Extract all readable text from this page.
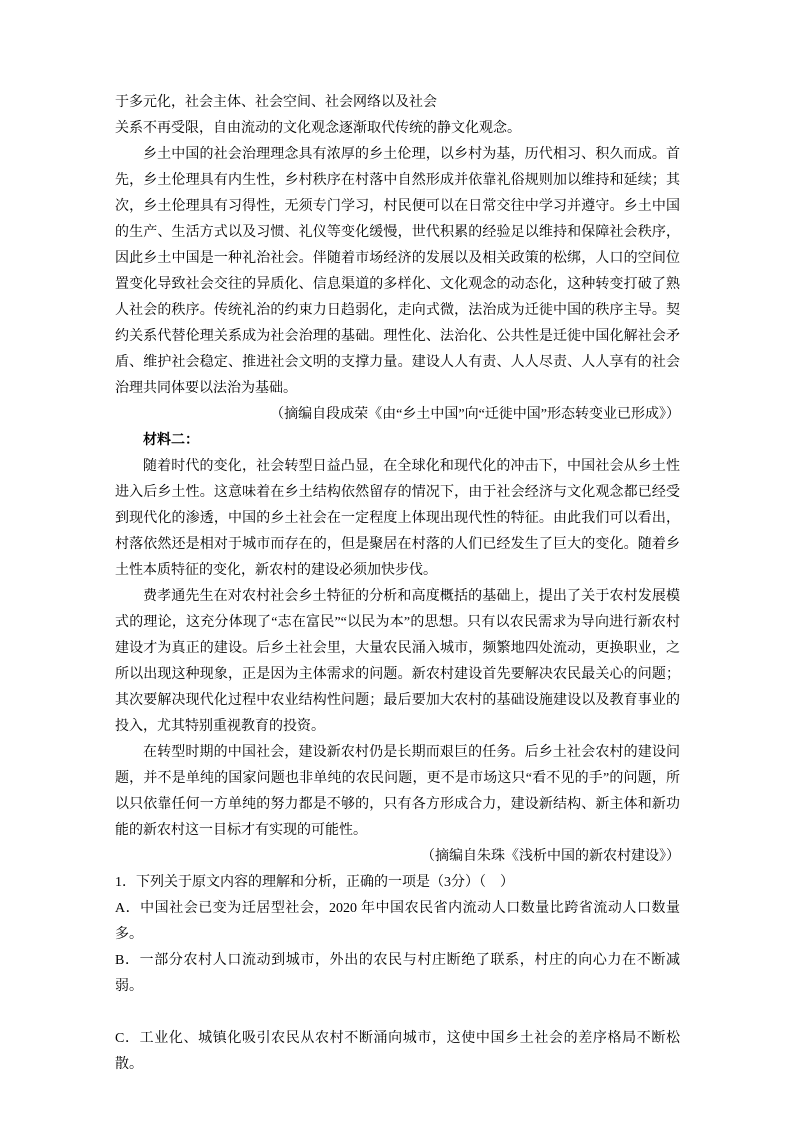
于多元化，社会主体、社会空间、社会网络以及社会
关系不再受限，自由流动的文化观念逐渐取代传统的静文化观念。

乡土中国的社会治理理念具有浓厚的乡土伦理，以乡村为基，历代相习、积久而成。首先，乡土伦理具有内生性，乡村秩序在村落中自然形成并依靠礼俗规则加以维持和延续；其次，乡土伦理具有习得性，无须专门学习，村民便可以在日常交往中学习并遵守。乡土中国的生产、生活方式以及习惯、礼仪等变化缓慢，世代积累的经验足以维持和保障社会秩序，因此乡土中国是一种礼治社会。伴随着市场经济的发展以及相关政策的松绑，人口的空间位置变化导致社会交往的异质化、信息渠道的多样化、文化观念的动态化，这种转变打破了熟人社会的秩序。传统礼治的约束力日趋弱化，走向式微，法治成为迁徙中国的秩序主导。契约关系代替伦理关系成为社会治理的基础。理性化、法治化、公共性是迁徙中国化解社会矛盾、维护社会稳定、推进社会文明的支撑力量。建设人人有责、人人尽责、人人享有的社会治理共同体要以法治为基础。

（摘编自段成荣《由“乡土中国”向“迁徙中国”形态转变业已形成》）

材料二：

随着时代的变化，社会转型日益凸显，在全球化和现代化的冲击下，中国社会从乡土性进入后乡土性。这意味着在乡土结构依然留存的情况下，由于社会经济与文化观念都已经受到现代化的渗透，中国的乡土社会在一定程度上体现出现代性的特征。由此我们可以看出，村落依然还是相对于城市而存在的，但是聚居在村落的人们已经发生了巨大的变化。随着乡土性本质特征的变化，新农村的建设必须加快步伐。

费孝通先生在对农村社会乡土特征的分析和高度概括的基础上，提出了关于农村发展模式的理论，这充分体现了“志在富民”“以民为本”的思想。只有以农民需求为导向进行新农村建设才为真正的建设。后乡土社会里，大量农民涌入城市，频繁地四处流动，更换职业，之所以出现这种现象，正是因为主体需求的问题。新农村建设首先要解决农民最关心的问题；其次要解决现代化过程中农业结构性问题；最后要加大农村的基础设施建设以及教育事业的投入，尤其特别重视教育的投资。

在转型时期的中国社会，建设新农村仍是长期而艰巨的任务。后乡土社会农村的建设问题，并不是单纯的国家问题也非单纯的农民问题，更不是市场这只“看不见的手”的问题，所以只依靠任何一方单纯的努力都是不够的，只有各方形成合力，建设新结构、新主体和新功能的新农村这一目标才有实现的可能性。

（摘编自朱珠《浅析中国的新农村建设》）

1．下列关于原文内容的理解和分析，正确的一项是（3分）（　）

A．中国社会已变为迁居型社会，2020 年中国农民省内流动人口数量比跨省流动人口数量多。

B．一部分农村人口流动到城市，外出的农民与村庄断绝了联系，村庄的向心力在不断减弱。

C．工业化、城镇化吸引农民从农村不断涌向城市，这使中国乡土社会的差序格局不断松散。
